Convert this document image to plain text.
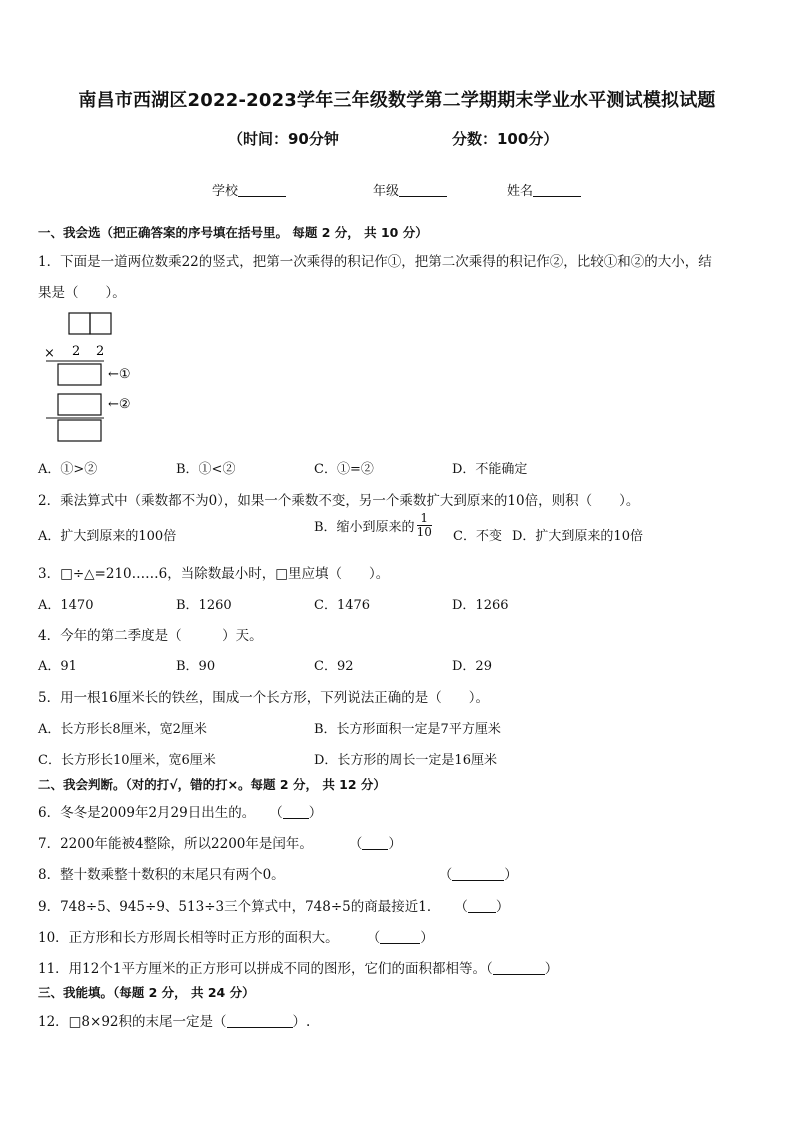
南昌市西湖区2022-2023学年三年级数学第二学期期末学业水平测试模拟试题
（时间：90分钟	分数：100分）
学校	年级	姓名
一、我会选（把正确答案的序号填在括号里。 每题 2 分， 共 10 分）
1．下面是一道两位数乘22的竖式，把第一次乘得的积记作①，把第二次乘得的积记作②，比较①和②的大小，结
果是（　　）。
× 2 2
←①
←②
A．①>②	B．①<②	C．①=②	D．不能确定
2．乘法算式中（乘数都不为0），如果一个乘数不变，另一个乘数扩大到原来的10倍，则积（　　）。
A．扩大到原来的100倍
B．缩小到原来的 $\frac{1}{10}$ C．不变 D．扩大到原来的10倍
3．□÷△=210……6，当除数最小时，□里应填（　　）。
A．1470	B．1260	C．1476	D．1266
4．今年的第二季度是（　　　）天。
A．91	B．90	C．92	D．29
5．用一根16厘米长的铁丝，围成一个长方形，下列说法正确的是（　　）。
A．长方形长8厘米，宽2厘米	B．长方形面积一定是7平方厘米
C．长方形长10厘米，宽6厘米	D．长方形的周长一定是16厘米
二、我会判断。（对的打√，错的打×。每题 2 分， 共 12 分）
6．冬冬是2009年2月29日出生的。 （ ）
7．2200年能被4整除，所以2200年是闰年。	（ ）
8．整十数乘整十数积的末尾只有两个0。	（	）
9．748÷5、945÷9、513÷3三个算式中，748÷5的商最接近1． （ ）
10．正方形和长方形周长相等时正方形的面积大。 （	）
11．用12个1平方厘米的正方形可以拼成不同的图形，它们的面积都相等。（	）
三、我能填。（每题 2 分， 共 24 分）
12．□8×92积的末尾一定是（	）.
